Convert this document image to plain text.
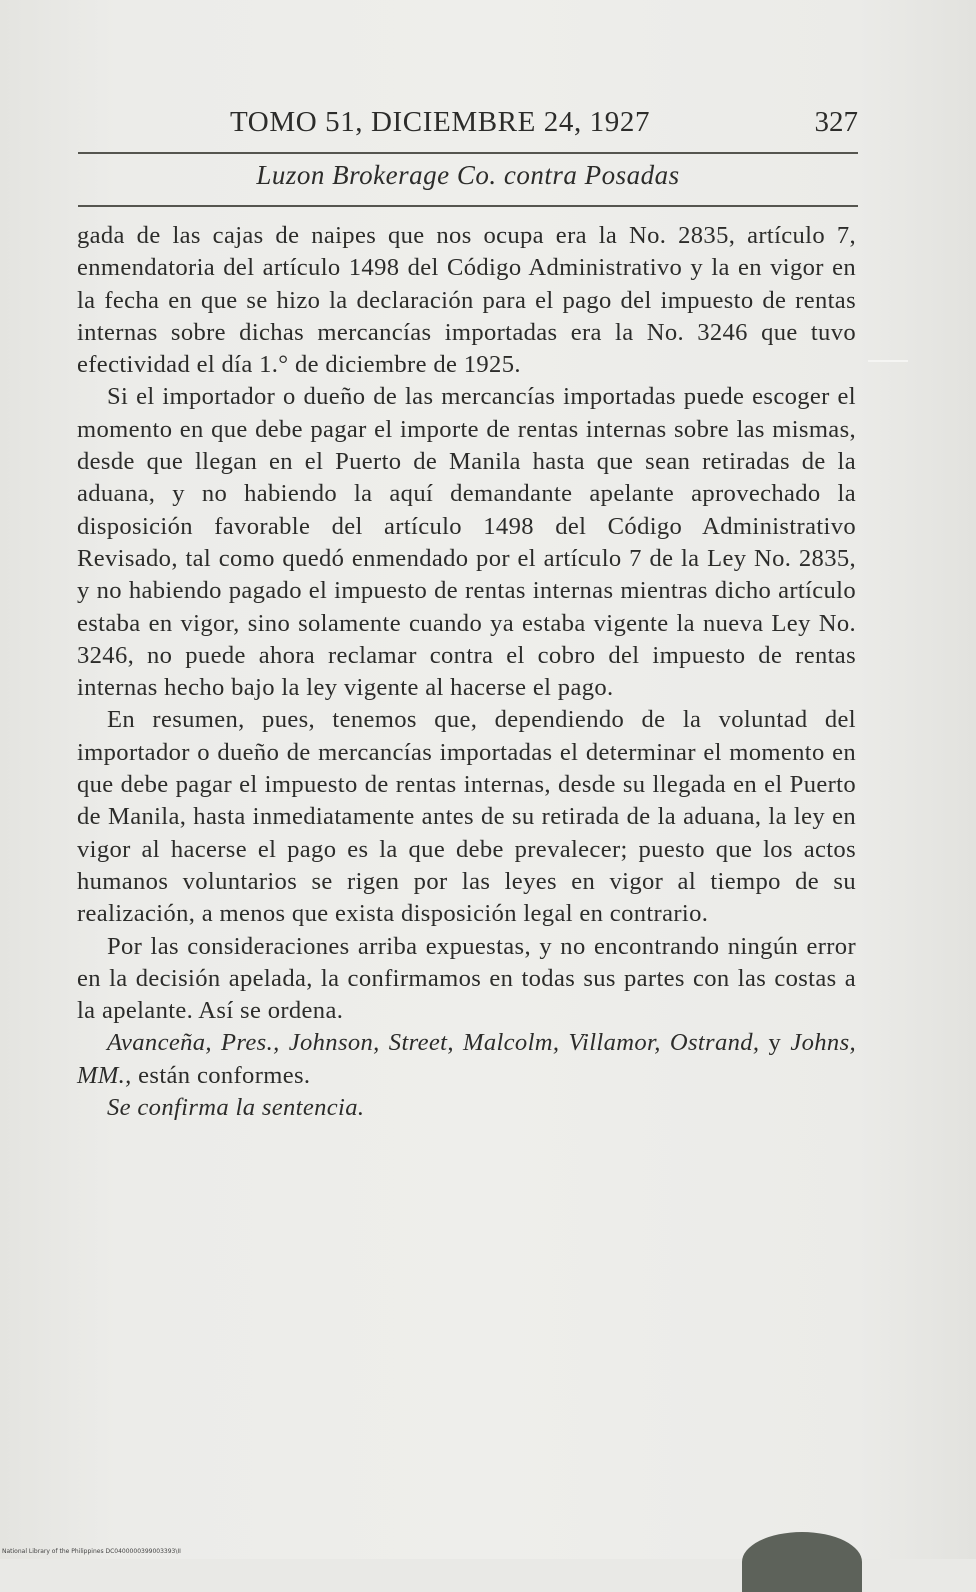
TOMO 51, DICIEMBRE 24, 1927	327
Luzon Brokerage Co. contra Posadas

gada de las cajas de naipes que nos ocupa era la No. 2835, artículo 7, enmendatoria del artículo 1498 del Código Administrativo y la en vigor en la fecha en que se hizo la declaración para el pago del impuesto de rentas internas sobre dichas mercancías importadas era la No. 3246 que tuvo efectividad el día 1.° de diciembre de 1925.

Si el importador o dueño de las mercancías importadas puede escoger el momento en que debe pagar el importe de rentas internas sobre las mismas, desde que llegan en el Puerto de Manila hasta que sean retiradas de la aduana, y no habiendo la aquí demandante apelante aprovechado la disposición favorable del artículo 1498 del Código Administrativo Revisado, tal como quedó enmendado por el artículo 7 de la Ley No. 2835, y no habiendo pagado el impuesto de rentas internas mientras dicho artículo estaba en vigor, sino solamente cuando ya estaba vigente la nueva Ley No. 3246, no puede ahora reclamar contra el cobro del impuesto de rentas internas hecho bajo la ley vigente al hacerse el pago.

En resumen, pues, tenemos que, dependiendo de la voluntad del importador o dueño de mercancías importadas el determinar el momento en que debe pagar el impuesto de rentas internas, desde su llegada en el Puerto de Manila, hasta inmediatamente antes de su retirada de la aduana, la ley en vigor al hacerse el pago es la que debe prevalecer; puesto que los actos humanos voluntarios se rigen por las leyes en vigor al tiempo de su realización, a menos que exista disposición legal en contrario.

Por las consideraciones arriba expuestas, y no encontrando ningún error en la decisión apelada, la confirmamos en todas sus partes con las costas a la apelante. Así se ordena.

Avanceña, Pres., Johnson, Street, Malcolm, Villamor, Ostrand, y Johns, MM., están conformes.

Se confirma la sentencia.

National Library of the Philippines DC0400000399003393\II
